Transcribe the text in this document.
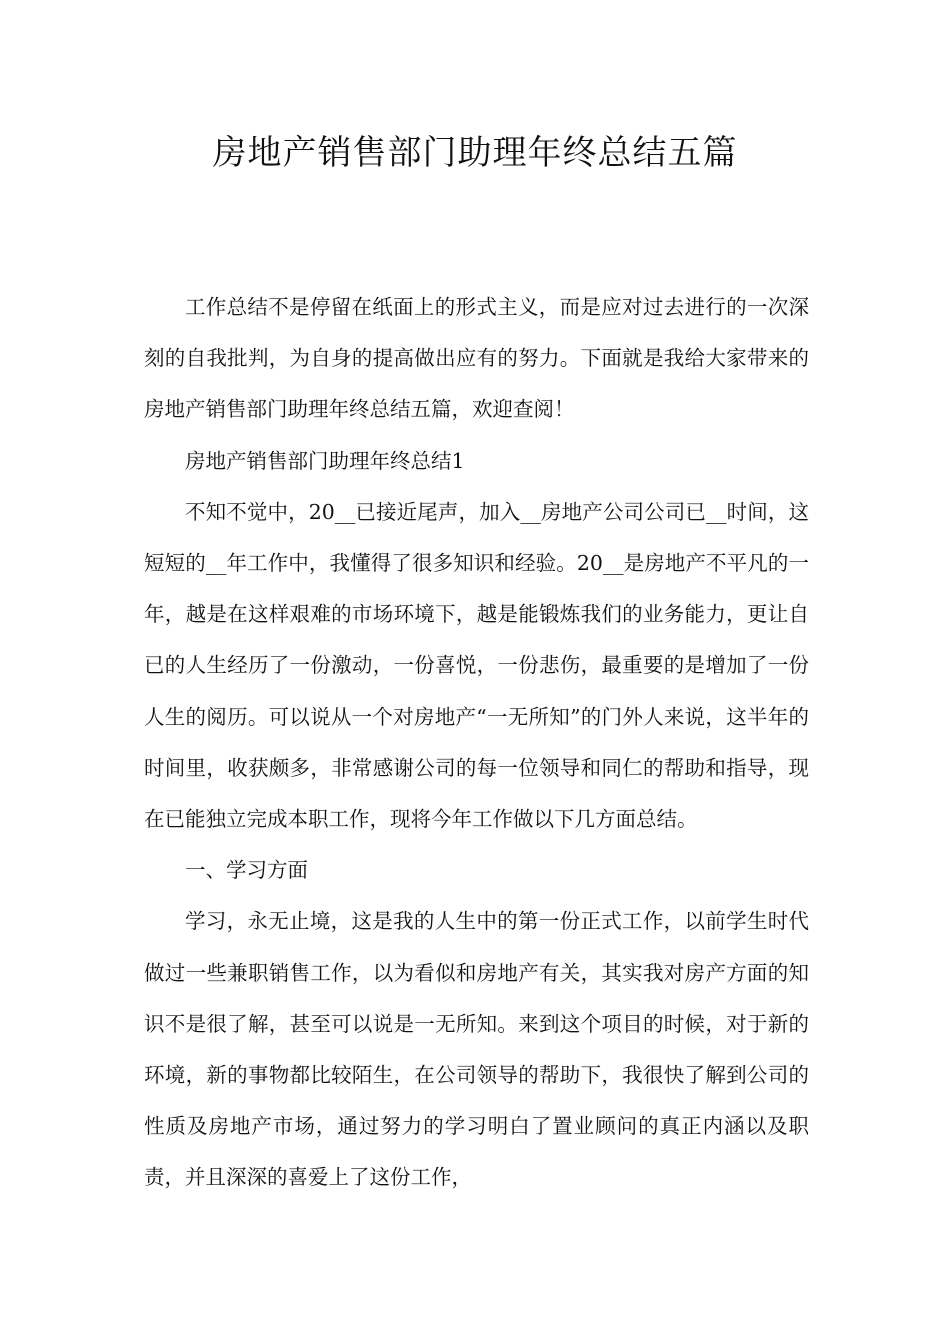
房地产销售部门助理年终总结五篇

工作总结不是停留在纸面上的形式主义，而是应对过去进行的一次深刻的自我批判，为自身的提高做出应有的努力。下面就是我给大家带来的房地产销售部门助理年终总结五篇，欢迎查阅！

房地产销售部门助理年终总结1

不知不觉中，20__已接近尾声，加入__房地产公司公司已__时间，这短短的__年工作中，我懂得了很多知识和经验。20__是房地产不平凡的一年，越是在这样艰难的市场环境下，越是能锻炼我们的业务能力，更让自已的人生经历了一份激动，一份喜悦，一份悲伤，最重要的是增加了一份人生的阅历。可以说从一个对房地产“一无所知”的门外人来说，这半年的时间里，收获颇多，非常感谢公司的每一位领导和同仁的帮助和指导，现在已能独立完成本职工作，现将今年工作做以下几方面总结。

一、学习方面

学习，永无止境，这是我的人生中的第一份正式工作，以前学生时代做过一些兼职销售工作，以为看似和房地产有关，其实我对房产方面的知识不是很了解，甚至可以说是一无所知。来到这个项目的时候，对于新的环境，新的事物都比较陌生，在公司领导的帮助下，我很快了解到公司的性质及房地产市场，通过努力的学习明白了置业顾问的真正内涵以及职责，并且深深的喜爱上了这份工作，
